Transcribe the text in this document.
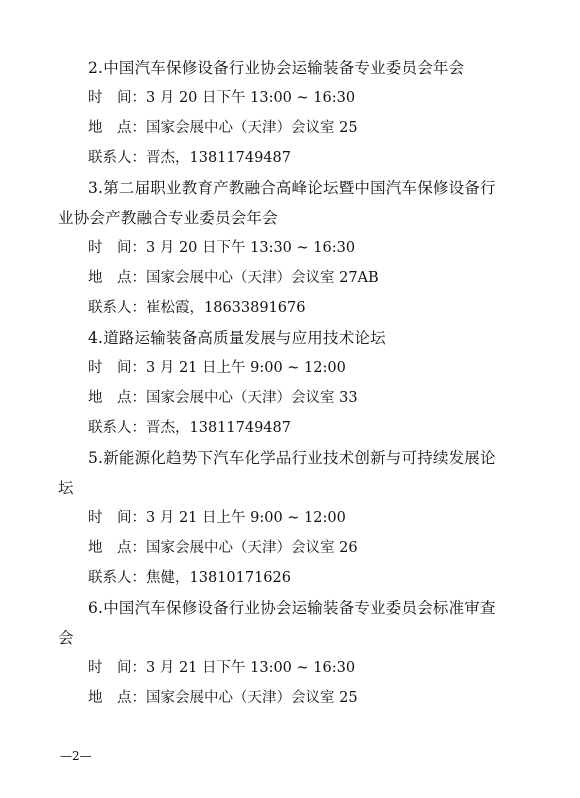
2.中国汽车保修设备行业协会运输装备专业委员会年会
时　间：3 月 20 日下午 13:00 ~ 16:30
地　点：国家会展中心（天津）会议室 25
联系人：晋杰，13811749487
3.第二届职业教育产教融合高峰论坛暨中国汽车保修设备行
业协会产教融合专业委员会年会
时　间：3 月 20 日下午 13:30 ~ 16:30
地　点：国家会展中心（天津）会议室 27AB
联系人：崔松霞，18633891676
4.道路运输装备高质量发展与应用技术论坛
时　间：3 月 21 日上午 9:00 ~ 12:00
地　点：国家会展中心（天津）会议室 33
联系人：晋杰，13811749487
5.新能源化趋势下汽车化学品行业技术创新与可持续发展论
坛
时　间：3 月 21 日上午 9:00 ~ 12:00
地　点：国家会展中心（天津）会议室 26
联系人：焦健，13810171626
6.中国汽车保修设备行业协会运输装备专业委员会标准审查
会
时　间：3 月 21 日下午 13:00 ~ 16:30
地　点：国家会展中心（天津）会议室 25
—2—
